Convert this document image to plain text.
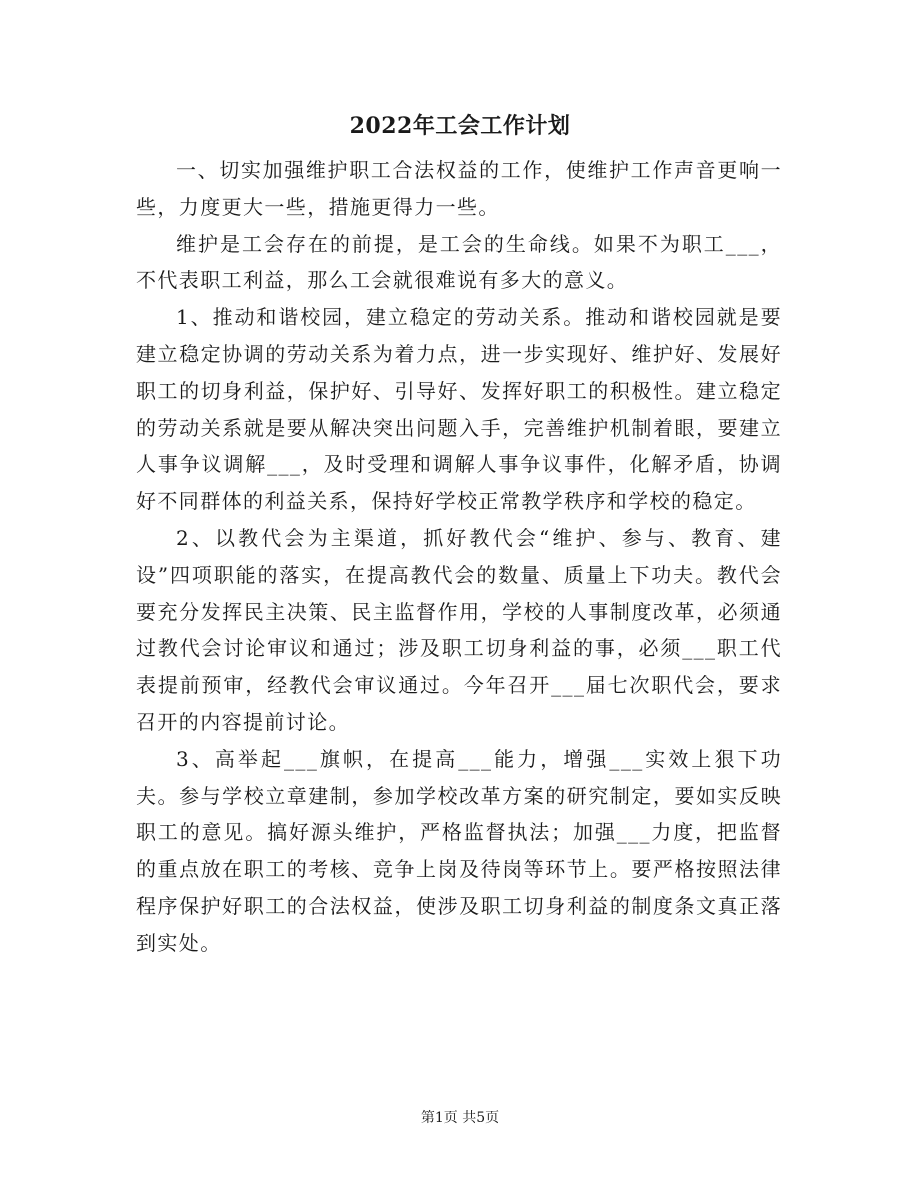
2022年工会工作计划

一、切实加强维护职工合法权益的工作，使维护工作声音更响一些，力度更大一些，措施更得力一些。

维护是工会存在的前提，是工会的生命线。如果不为职工___，不代表职工利益，那么工会就很难说有多大的意义。

1、推动和谐校园，建立稳定的劳动关系。推动和谐校园就是要建立稳定协调的劳动关系为着力点，进一步实现好、维护好、发展好职工的切身利益，保护好、引导好、发挥好职工的积极性。建立稳定的劳动关系就是要从解决突出问题入手，完善维护机制着眼，要建立人事争议调解___，及时受理和调解人事争议事件，化解矛盾，协调好不同群体的利益关系，保持好学校正常教学秩序和学校的稳定。

2、以教代会为主渠道，抓好教代会“维护、参与、教育、建设”四项职能的落实，在提高教代会的数量、质量上下功夫。教代会要充分发挥民主决策、民主监督作用，学校的人事制度改革，必须通过教代会讨论审议和通过；涉及职工切身利益的事，必须___职工代表提前预审，经教代会审议通过。今年召开___届七次职代会，要求召开的内容提前讨论。

3、高举起___旗帜，在提高___能力，增强___实效上狠下功夫。参与学校立章建制，参加学校改革方案的研究制定，要如实反映职工的意见。搞好源头维护，严格监督执法；加强___力度，把监督的重点放在职工的考核、竞争上岗及待岗等环节上。要严格按照法律程序保护好职工的合法权益，使涉及职工切身利益的制度条文真正落到实处。

第1页 共5页
